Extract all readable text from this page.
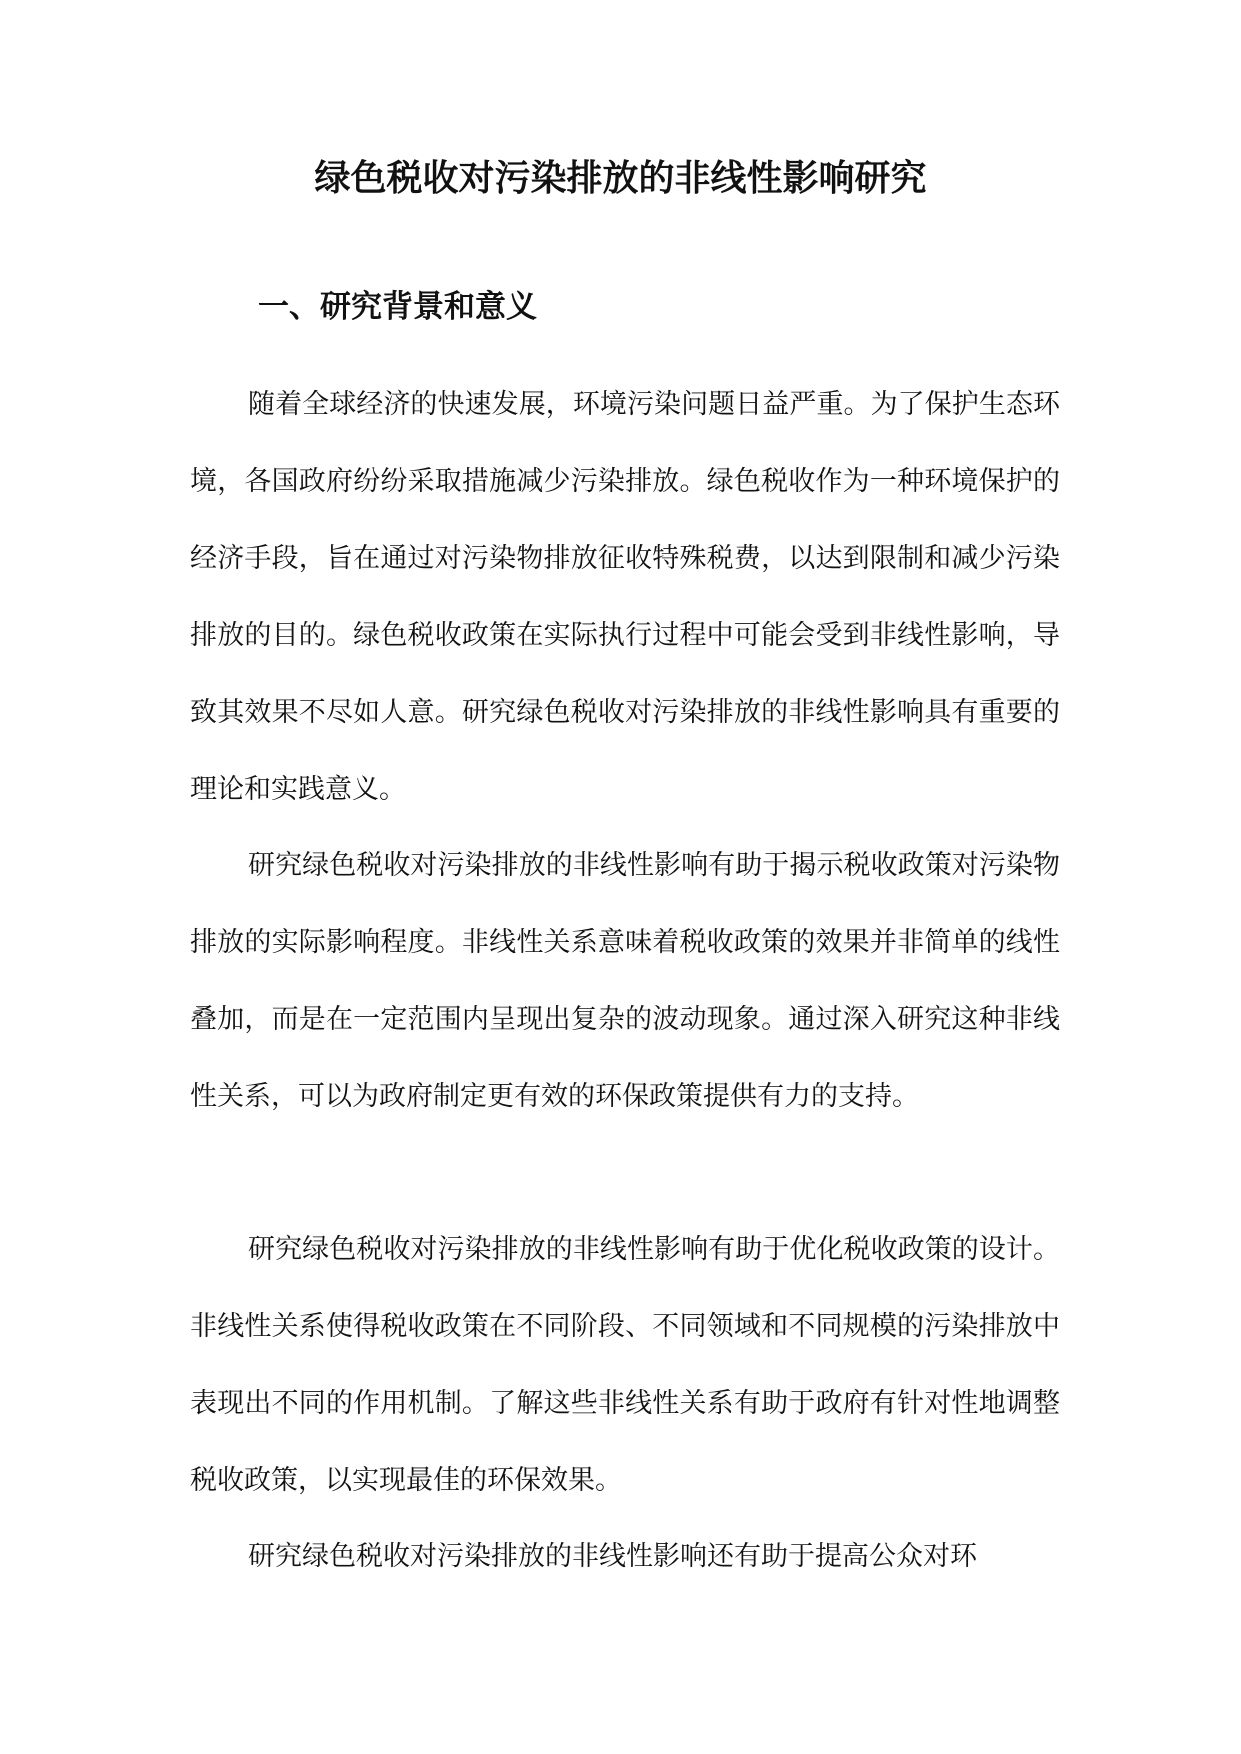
绿色税收对污染排放的非线性影响研究
一、研究背景和意义

随着全球经济的快速发展，环境污染问题日益严重。为了保护生态环境，各国政府纷纷采取措施减少污染排放。绿色税收作为一种环境保护的经济手段，旨在通过对污染物排放征收特殊税费，以达到限制和减少污染排放的目的。绿色税收政策在实际执行过程中可能会受到非线性影响，导致其效果不尽如人意。研究绿色税收对污染排放的非线性影响具有重要的理论和实践意义。

研究绿色税收对污染排放的非线性影响有助于揭示税收政策对污染物排放的实际影响程度。非线性关系意味着税收政策的效果并非简单的线性叠加，而是在一定范围内呈现出复杂的波动现象。通过深入研究这种非线性关系，可以为政府制定更有效的环保政策提供有力的支持。

研究绿色税收对污染排放的非线性影响有助于优化税收政策的设计。非线性关系使得税收政策在不同阶段、不同领域和不同规模的污染排放中表现出不同的作用机制。了解这些非线性关系有助于政府有针对性地调整税收政策，以实现最佳的环保效果。

研究绿色税收对污染排放的非线性影响还有助于提高公众对环
